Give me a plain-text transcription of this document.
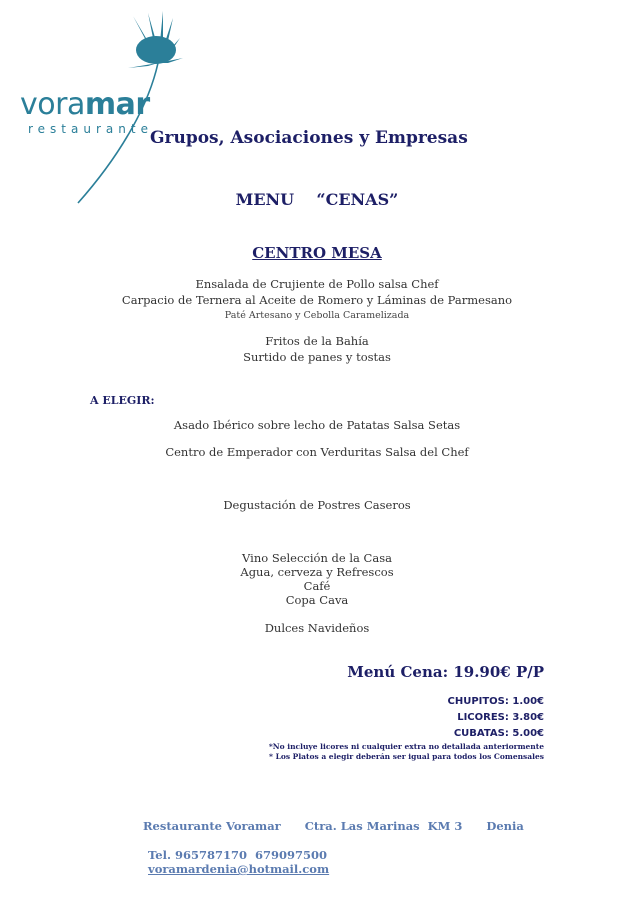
voramar
restaurante
Grupos, Asociaciones y Empresas
MENU    “CENAS”
CENTRO MESA
Ensalada de Crujiente de Pollo salsa Chef
Carpacio de Ternera al Aceite de Romero y Láminas de Parmesano
Paté Artesano y Cebolla Caramelizada
Fritos de la Bahía
Surtido de panes y tostas
A ELEGIR:
Asado Ibérico sobre lecho de Patatas Salsa Setas
Centro de Emperador con Verduritas Salsa del Chef
Degustación de Postres Caseros
Vino Selección de la Casa
Agua, cerveza y Refrescos
Café
Copa Cava
Dulces Navideños
Menú Cena: 19.90€ P/P
CHUPITOS: 1.00€
LICORES: 3.80€
CUBATAS: 5.00€
*No incluye licores ni cualquier extra no detallada anteriormente
* Los Platos a elegir deberán ser igual para todos los Comensales
Restaurante Voramar      Ctra. Las Marinas  KM 3      Denia

Tel. 965787170  679097500
voramardenia@hotmail.com
